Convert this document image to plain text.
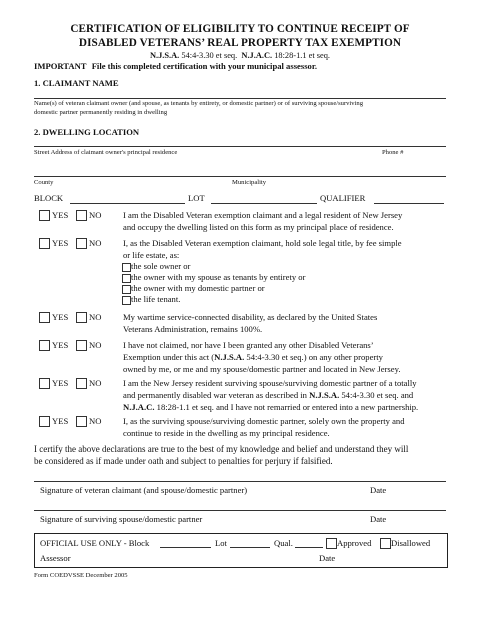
CERTIFICATION OF ELIGIBILITY TO CONTINUE RECEIPT OF
DISABLED VETERANS’ REAL PROPERTY TAX EXEMPTION
N.J.S.A. 54:4-3.30 et seq. N.J.A.C. 18:28-1.1 et seq.
IMPORTANT File this completed certification with your municipal assessor.
1. CLAIMANT NAME
Name(s) of veteran claimant owner (and spouse, as tenants by entirety, or domestic partner) or of surviving spouse/surviving
domestic partner permanently residing in dwelling
2. DWELLING LOCATION
Street Address of claimant owner's principal residence	Phone #
County	Municipality
BLOCK	LOT	QUALIFIER
YES NO	I am the Disabled Veteran exemption claimant and a legal resident of New Jersey
and occupy the dwelling listed on this form as my principal place of residence.
YES NO	I, as the Disabled Veteran exemption claimant, hold sole legal title, by fee simple
or life estate, as:
the sole owner or
the owner with my spouse as tenants by entirety or
the owner with my domestic partner or
the life tenant.
YES NO	My wartime service-connected disability, as declared by the United States
Veterans Administration, remains 100%.
YES NO	I have not claimed, nor have I been granted any other Disabled Veterans’
Exemption under this act (N.J.S.A. 54:4-3.30 et seq.) on any other property
owned by me, or me and my spouse/domestic partner and located in New Jersey.
YES NO	I am the New Jersey resident surviving spouse/surviving domestic partner of a totally
and permanently disabled war veteran as described in N.J.S.A. 54:4-3.30 et seq. and
N.J.A.C. 18:28-1.1 et seq. and I have not remarried or entered into a new partnership.
YES NO	I, as the surviving spouse/surviving domestic partner, solely own the property and
continue to reside in the dwelling as my principal residence.
I certify the above declarations are true to the best of my knowledge and belief and understand they will
be considered as if made under oath and subject to penalties for perjury if falsified.
Signature of veteran claimant (and spouse/domestic partner)	Date
Signature of surviving spouse/domestic partner	Date
OFFICIAL USE ONLY - Block	Lot	Qual.	Approved Disallowed
Assessor	Date
Form COEDVSSE December 2005
